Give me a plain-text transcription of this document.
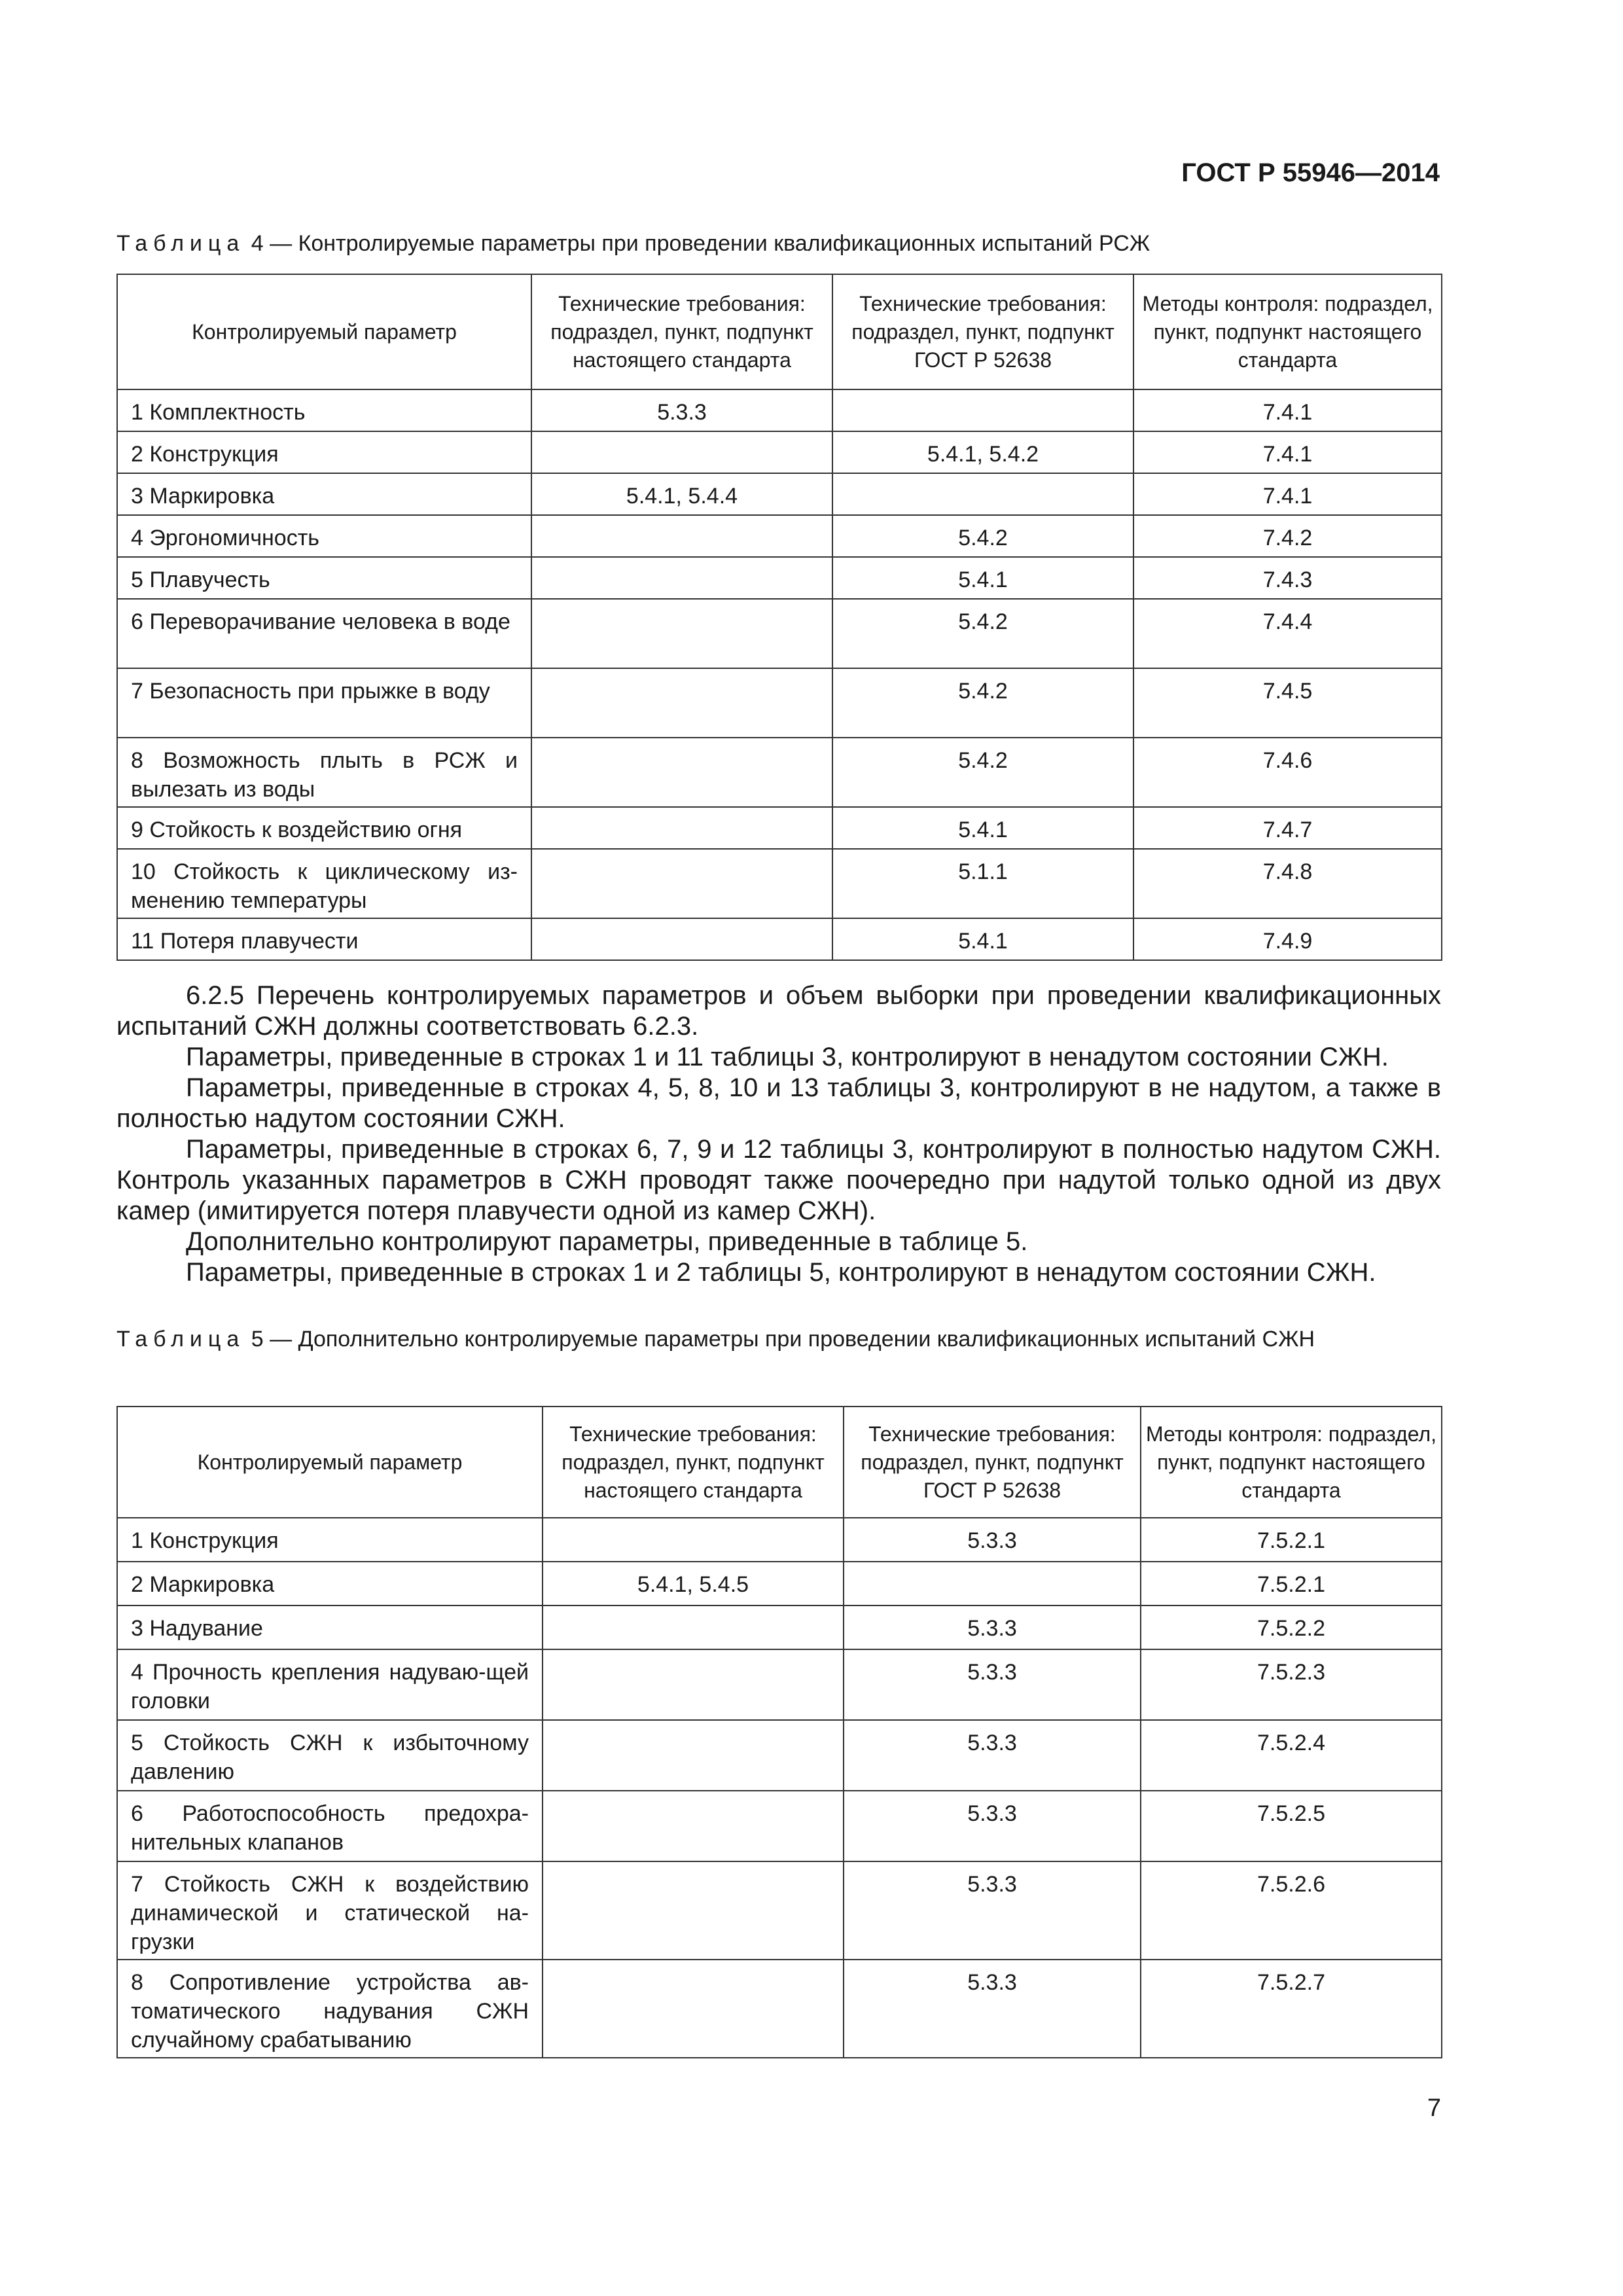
ГОСТ Р 55946—2014
Таблица 4 — Контролируемые параметры при проведении квалификационных испытаний РСЖ
Контролируемый параметр	Технические требования: подраздел, пункт, подпункт настоящего стандарта	Технические требования: подраздел, пункт, подпункт ГОСТ Р 52638	Методы контроля: подраздел, пункт, подпункт настоящего стандарта
1 Комплектность	5.3.3		7.4.1
2 Конструкция		5.4.1, 5.4.2	7.4.1
3 Маркировка	5.4.1, 5.4.4		7.4.1
4 Эргономичность		5.4.2	7.4.2
5 Плавучесть		5.4.1	7.4.3
6 Переворачивание человека в воде		5.4.2	7.4.4
7 Безопасность при прыжке в воду		5.4.2	7.4.5
8 Возможность плыть в РСЖ и вылезать из воды		5.4.2	7.4.6
9 Стойкость к воздействию огня		5.4.1	7.4.7
10 Стойкость к циклическому из-менению температуры		5.1.1	7.4.8
11 Потеря плавучести		5.4.1	7.4.9

6.2.5 Перечень контролируемых параметров и объем выборки при проведении квалификационных испытаний СЖН должны соответствовать 6.2.3.

Параметры, приведенные в строках 1 и 11 таблицы 3, контролируют в ненадутом состоянии СЖН.

Параметры, приведенные в строках 4, 5, 8, 10 и 13 таблицы 3, контролируют в не надутом, а также в полностью надутом состоянии СЖН.

Параметры, приведенные в строках 6, 7, 9 и 12 таблицы 3, контролируют в полностью надутом СЖН. Контроль указанных параметров в СЖН проводят также поочередно при надутой только одной из двух камер (имитируется потеря плавучести одной из камер СЖН).

Дополнительно контролируют параметры, приведенные в таблице 5.

Параметры, приведенные в строках 1 и 2 таблицы 5, контролируют в ненадутом состоянии СЖН.

Таблица 5 — Дополнительно контролируемые параметры при проведении квалификационных испытаний СЖН
Контролируемый параметр	Технические требования: подраздел, пункт, подпункт настоящего стандарта	Технические требования: подраздел, пункт, подпункт ГОСТ Р 52638	Методы контроля: подраздел, пункт, подпункт настоящего стандарта
1 Конструкция		5.3.3	7.5.2.1
2 Маркировка	5.4.1, 5.4.5		7.5.2.1
3 Надувание		5.3.3	7.5.2.2
4 Прочность крепления надуваю-щей головки		5.3.3	7.5.2.3
5 Стойкость СЖН к избыточному давлению		5.3.3	7.5.2.4
6 Работоспособность предохра-нительных клапанов		5.3.3	7.5.2.5
7 Стойкость СЖН к воздействию динамической и статической на-грузки		5.3.3	7.5.2.6
8 Сопротивление устройства ав-томатического надувания СЖН случайному срабатыванию		5.3.3	7.5.2.7
7
